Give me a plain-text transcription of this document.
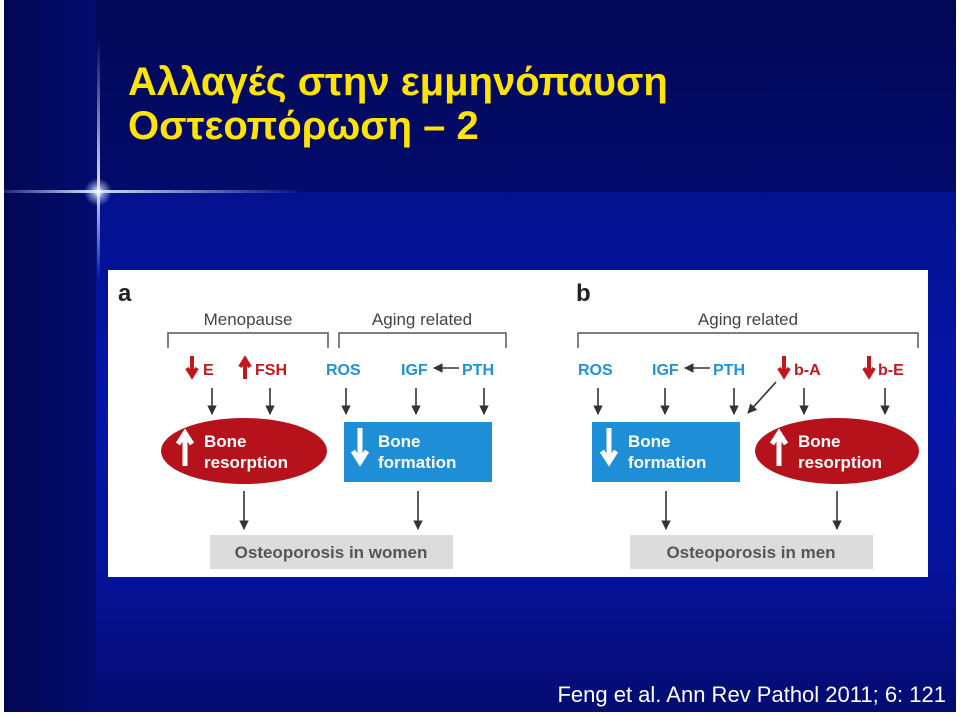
Αλλαγές στην εμμηνόπαυση
Οστεοπόρωση – 2
a
Menopause	Aging related
E	FSH ROS	IGF PTH
Bone
resorption
Bone
formation
Osteoporosis in women
b
Aging related
ROS IGF PTH	b-A	b-E
Bone
formation
Bone
resorption
Osteoporosis in men
Feng et al. Ann Rev Pathol 2011; 6: 121
